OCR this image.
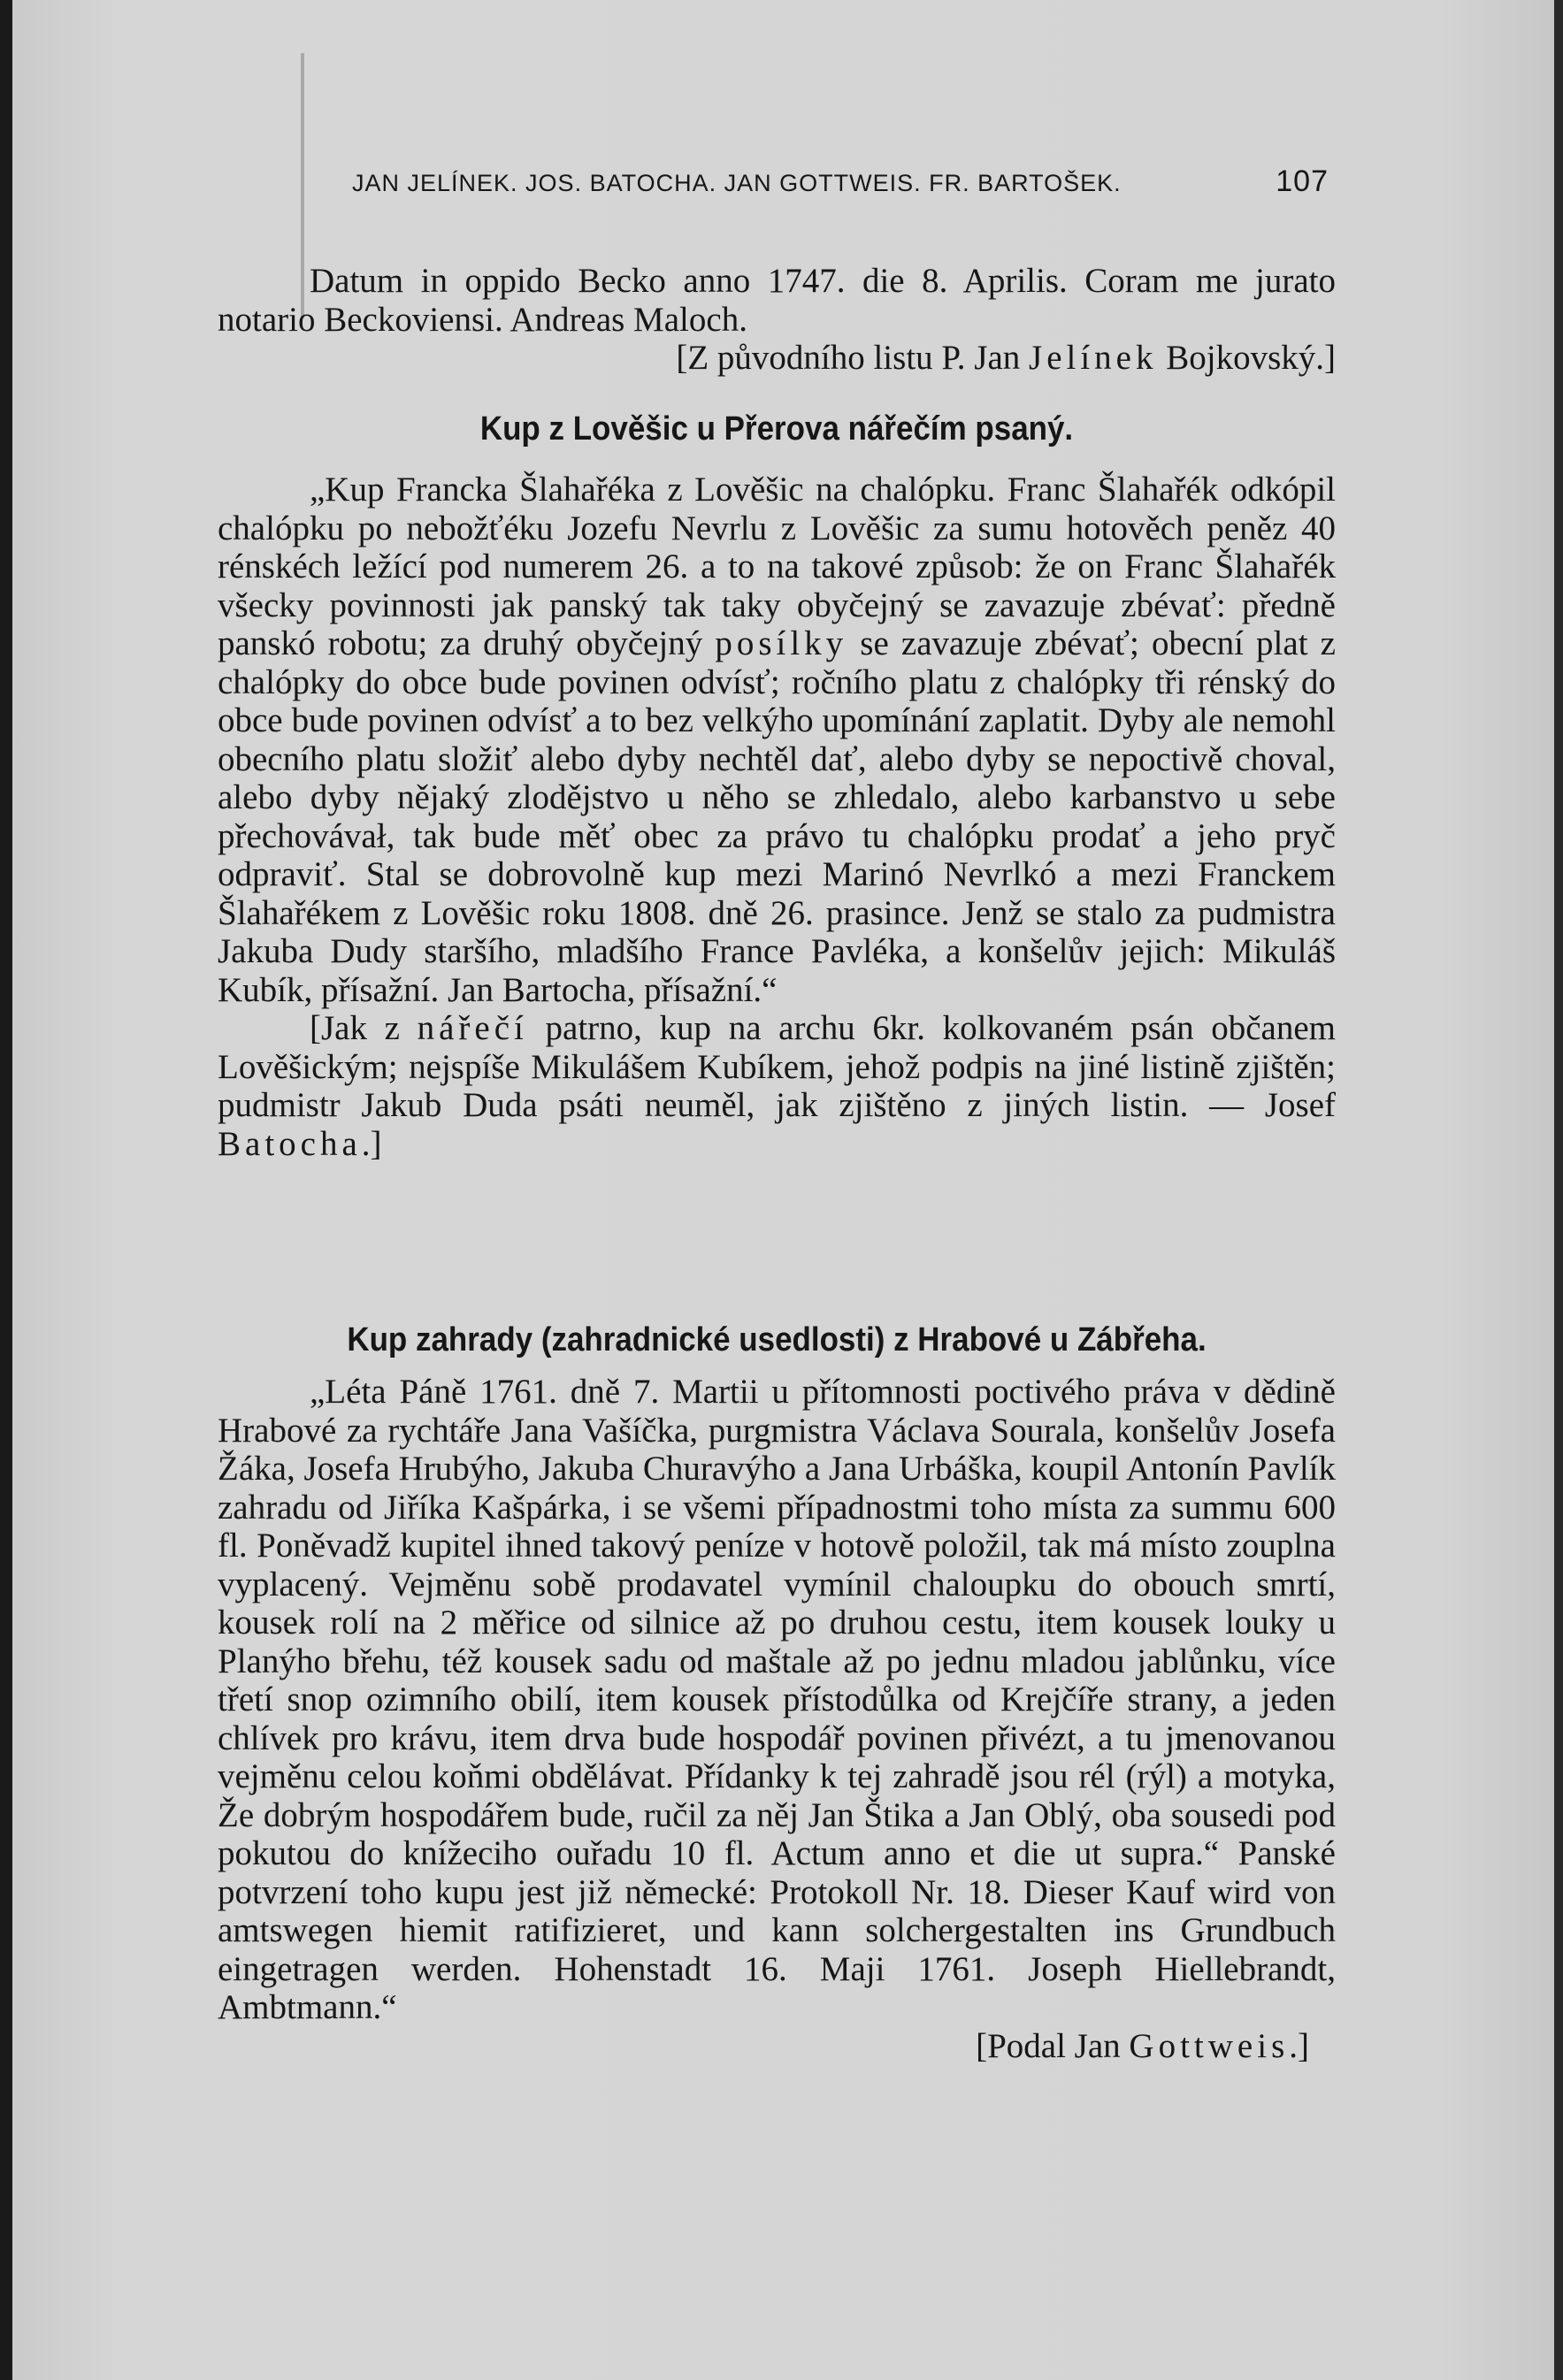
JAN JELÍNEK. JOS. BATOCHA. JAN GOTTWEIS. FR. BARTOŠEK.	107

Datum in oppido Becko anno 1747. die 8. Aprilis. Coram me jurato notario Beckoviensi. Andreas Maloch.

[Z původního listu P. Jan Jelínek Bojkovský.]

Kup z Lověšic u Přerova nářečím psaný.

„Kup Francka Šlahařéka z Lověšic na chalópku. Franc Šlahařék odkópil chalópku po nebožťéku Jozefu Nevrlu z Lověšic za sumu hotověch peněz 40 rénskéch ležící pod numerem 26. a to na takové způsob: že on Franc Šlahařék všecky povinnosti jak panský tak taky obyčejný se zavazuje zbévať: předně panskó robotu; za druhý obyčejný posílky se zavazuje zbévať; obecní plat z chalópky do obce bude povinen odvísť; ročního platu z chalópky tři rénský do obce bude povinen odvísť a to bez velkýho upomínání zaplatit. Dyby ale nemohl obecního platu složiť alebo dyby nechtěl dať, alebo dyby se nepoctivě choval, alebo dyby nějaký zlodějstvo u něho se zhledalo, alebo karbanstvo u sebe přechovávał, tak bude měť obec za právo tu chalópku prodať a jeho pryč odpraviť. Stal se dobrovolně kup mezi Marinó Nevrlkó a mezi Franckem Šlahařékem z Lověšic roku 1808. dně 26. prasince. Jenž se stalo za pudmistra Jakuba Dudy staršího, mladšího France Pavléka, a konšelův jejich: Mikuláš Kubík, přísažní. Jan Bartocha, přísažní.“

[Jak z nářečí patrno, kup na archu 6kr. kolkovaném psán občanem Lověšickým; nejspíše Mikulášem Kubíkem, jehož podpis na jiné listině zjištěn; pudmistr Jakub Duda psáti neuměl, jak zjištěno z jiných listin. — Josef Batocha.]

Kup zahrady (zahradnické usedlosti) z Hrabové u Zábřeha.

„Léta Páně 1761. dně 7. Martii u přítomnosti poctivého práva v dědině Hrabové za rychtáře Jana Vašíčka, purgmistra Václava Sourala, konšelův Josefa Žáka, Josefa Hrubýho, Jakuba Churavýho a Jana Urbáška, koupil Antonín Pavlík zahradu od Jiříka Kašpárka, i se všemi případnostmi toho místa za summu 600 fl. Poněvadž kupitel ihned takový peníze v hotově položil, tak má místo zouplna vyplacený. Vejměnu sobě prodavatel vymínil chaloupku do obouch smrtí, kousek rolí na 2 měřice od silnice až po druhou cestu, item kousek louky u Planýho břehu, též kousek sadu od maštale až po jednu mladou jablůnku, více třetí snop ozimního obilí, item kousek přístodůlka od Krejčíře strany, a jeden chlívek pro krávu, item drva bude hospodář povinen přivézt, a tu jmenovanou vejměnu celou koňmi obdělávat. Přídanky k tej zahradě jsou rél (rýl) a motyka, Že dobrým hospodářem bude, ručil za něj Jan Štika a Jan Oblý, oba sousedi pod pokutou do knížeciho ouřadu 10 fl. Actum anno et die ut supra.“ Panské potvrzení toho kupu jest již německé: Protokoll Nr. 18. Dieser Kauf wird von amtswegen hiemit ratifizieret, und kann solchergestalten ins Grundbuch eingetragen werden. Hohenstadt 16. Maji 1761. Joseph Hiellebrandt, Ambtmann.“

[Podal Jan Gottweis.]
